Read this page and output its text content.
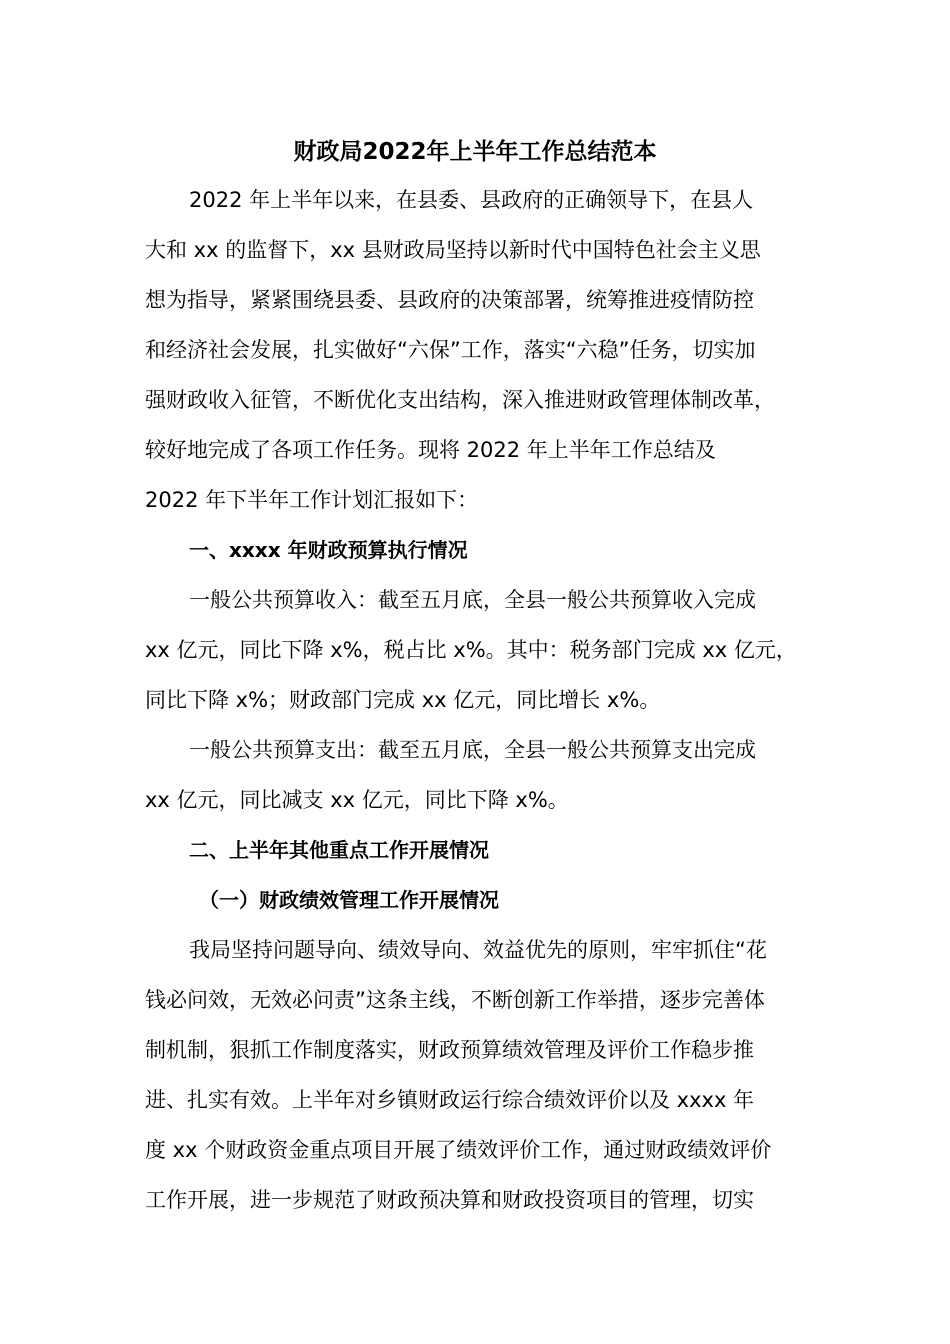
财政局2022年上半年工作总结范本
2022 年上半年以来，在县委、县政府的正确领导下，在县人
大和 xx 的监督下，xx 县财政局坚持以新时代中国特色社会主义思
想为指导，紧紧围绕县委、县政府的决策部署，统筹推进疫情防控
和经济社会发展，扎实做好“六保”工作，落实“六稳”任务，切实加
强财政收入征管，不断优化支出结构，深入推进财政管理体制改革，
较好地完成了各项工作任务。现将 2022 年上半年工作总结及
2022 年下半年工作计划汇报如下：
一、xxxx 年财政预算执行情况
一般公共预算收入：截至五月底，全县一般公共预算收入完成
xx 亿元，同比下降 x%，税占比 x%。其中：税务部门完成 xx 亿元，
同比下降 x%；财政部门完成 xx 亿元，同比增长 x%。
一般公共预算支出：截至五月底，全县一般公共预算支出完成
xx 亿元，同比减支 xx 亿元，同比下降 x%。
二、上半年其他重点工作开展情况
（一）财政绩效管理工作开展情况
我局坚持问题导向、绩效导向、效益优先的原则，牢牢抓住“花
钱必问效，无效必问责”这条主线，不断创新工作举措，逐步完善体
制机制，狠抓工作制度落实，财政预算绩效管理及评价工作稳步推
进、扎实有效。上半年对乡镇财政运行综合绩效评价以及 xxxx 年
度 xx 个财政资金重点项目开展了绩效评价工作，通过财政绩效评价
工作开展，进一步规范了财政预决算和财政投资项目的管理，切实
